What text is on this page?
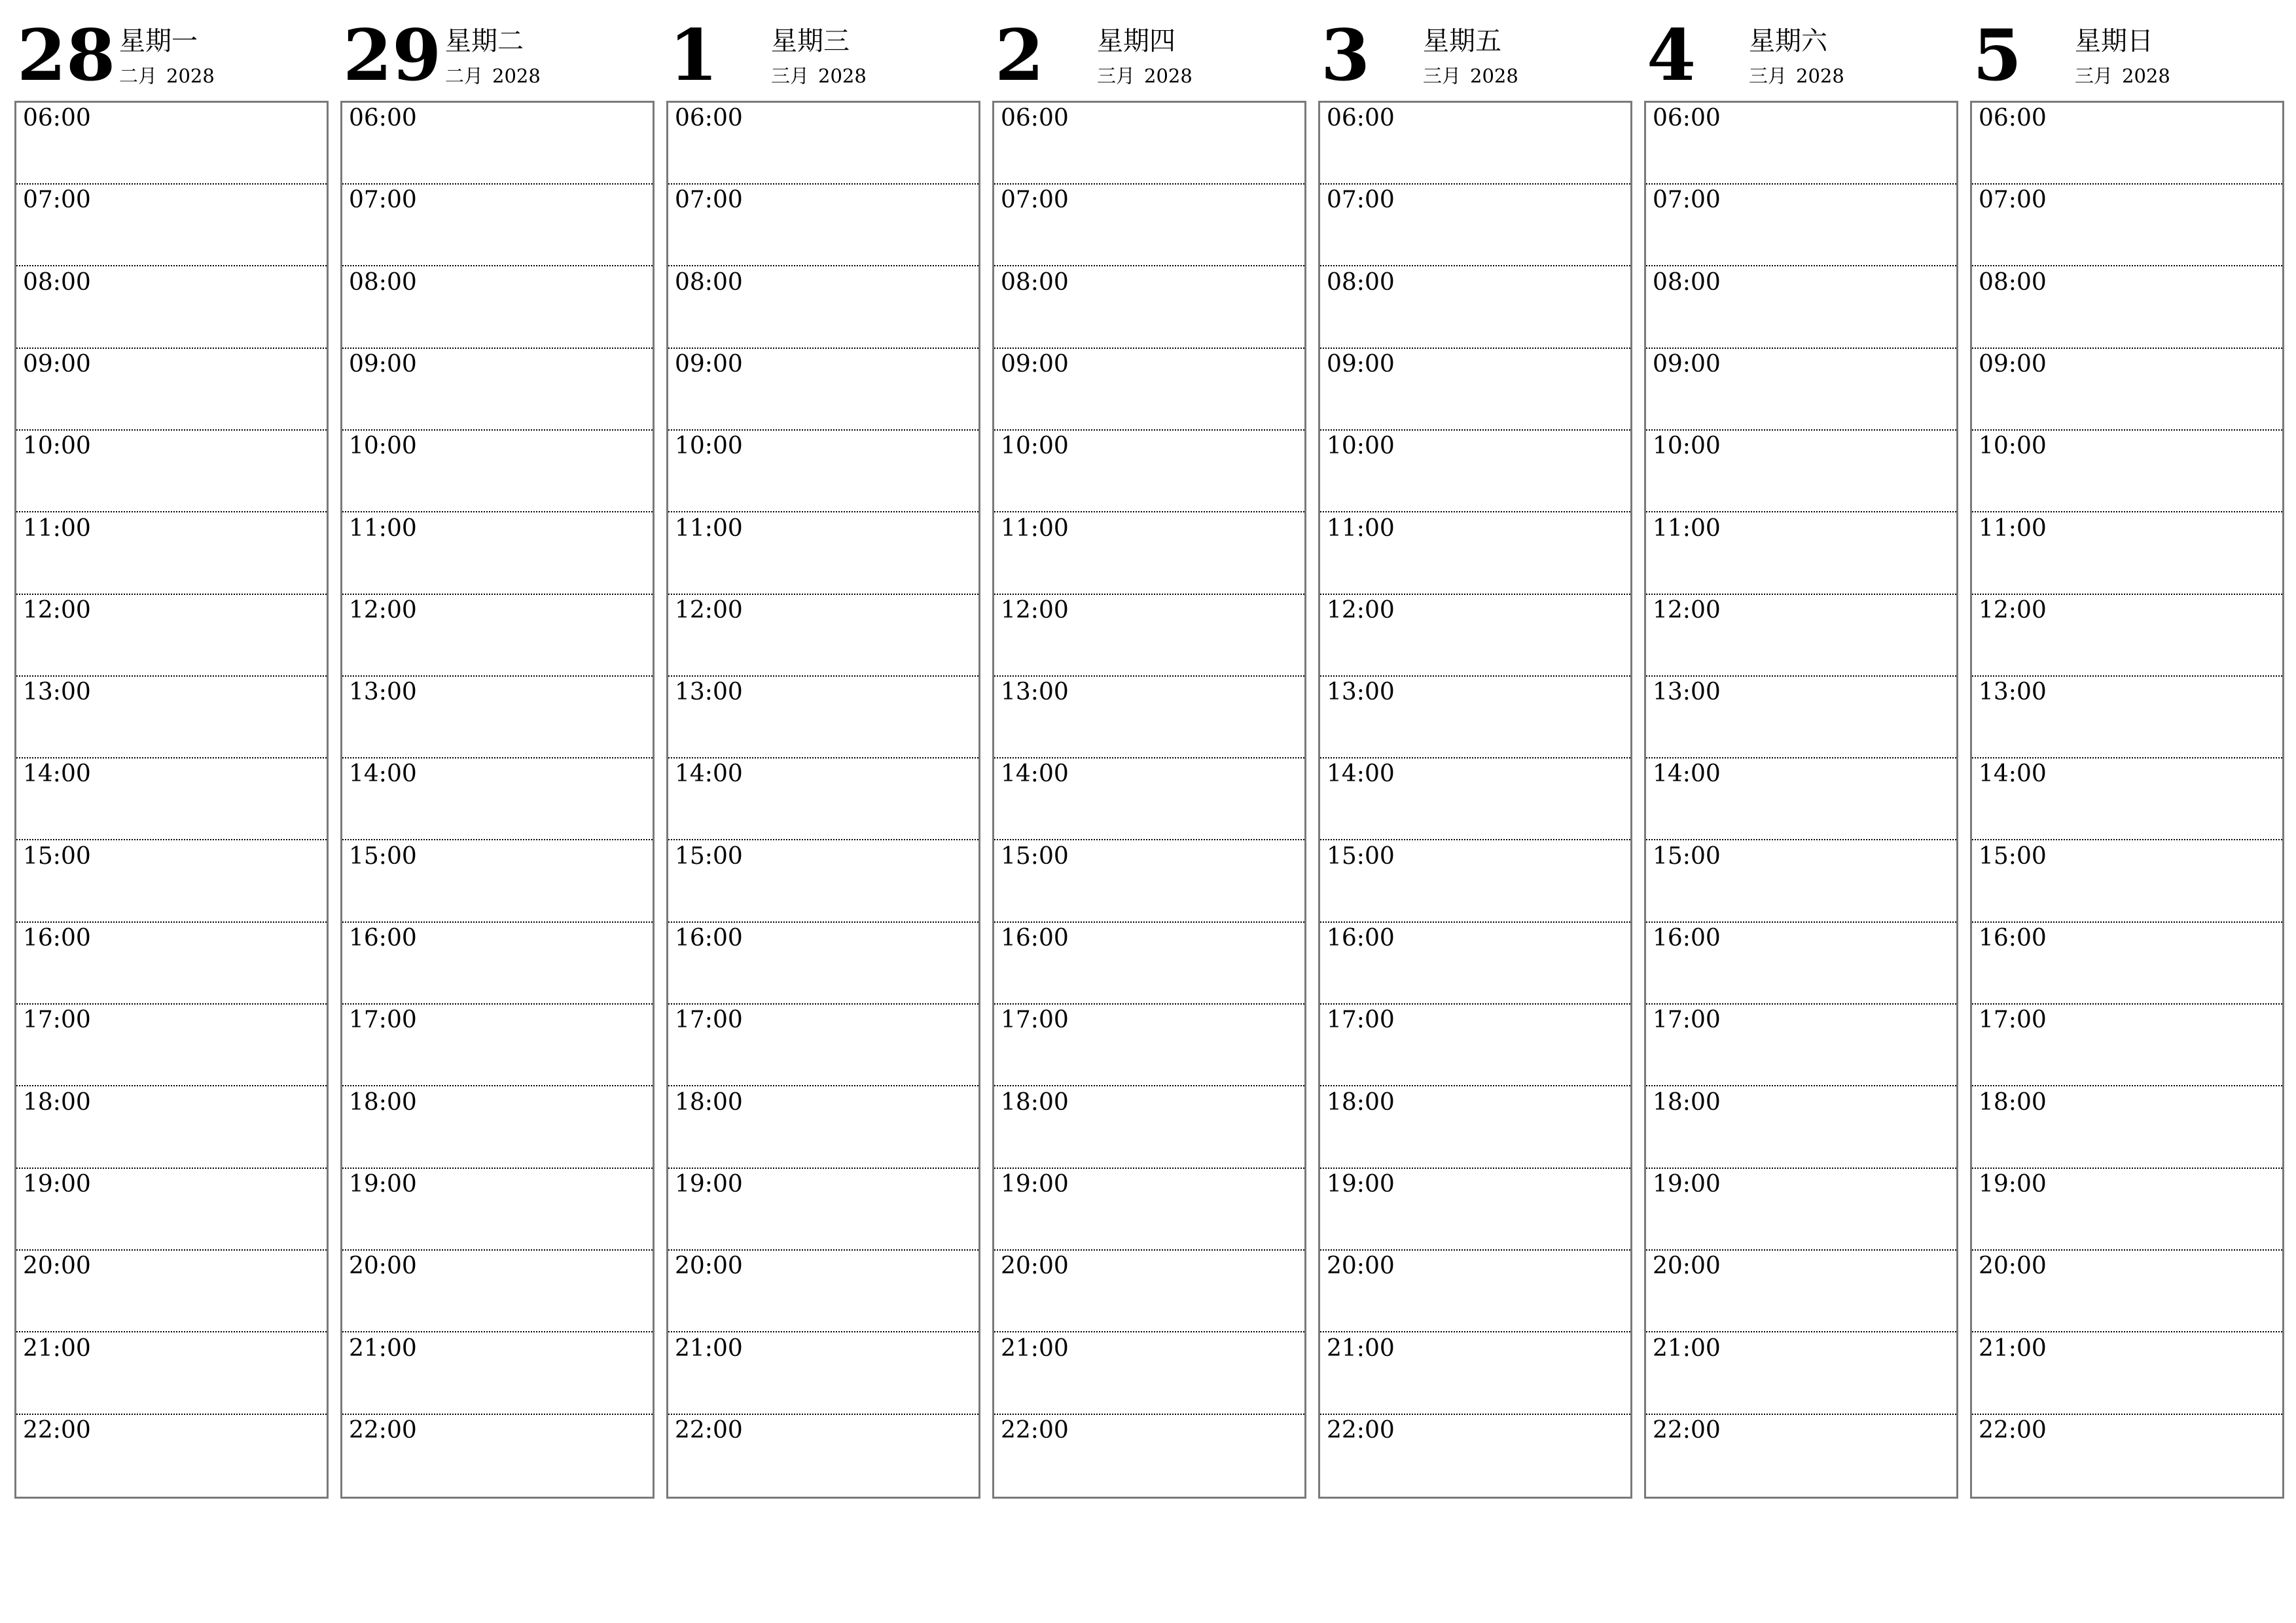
28 星期一
二月 2028
06:00
07:00
08:00
09:00
10:00
11:00
12:00
13:00
14:00
15:00
16:00
17:00
18:00
19:00
20:00
21:00
22:00
29 星期二
二月 2028
06:00
07:00
08:00
09:00
10:00
11:00
12:00
13:00
14:00
15:00
16:00
17:00
18:00
19:00
20:00
21:00
22:00
1 星期三
三月 2028
06:00
07:00
08:00
09:00
10:00
11:00
12:00
13:00
14:00
15:00
16:00
17:00
18:00
19:00
20:00
21:00
22:00
2 星期四
三月 2028
06:00
07:00
08:00
09:00
10:00
11:00
12:00
13:00
14:00
15:00
16:00
17:00
18:00
19:00
20:00
21:00
22:00
3 星期五
三月 2028
06:00
07:00
08:00
09:00
10:00
11:00
12:00
13:00
14:00
15:00
16:00
17:00
18:00
19:00
20:00
21:00
22:00
4 星期六
三月 2028
06:00
07:00
08:00
09:00
10:00
11:00
12:00
13:00
14:00
15:00
16:00
17:00
18:00
19:00
20:00
21:00
22:00
5 星期日
三月 2028
06:00
07:00
08:00
09:00
10:00
11:00
12:00
13:00
14:00
15:00
16:00
17:00
18:00
19:00
20:00
21:00
22:00
